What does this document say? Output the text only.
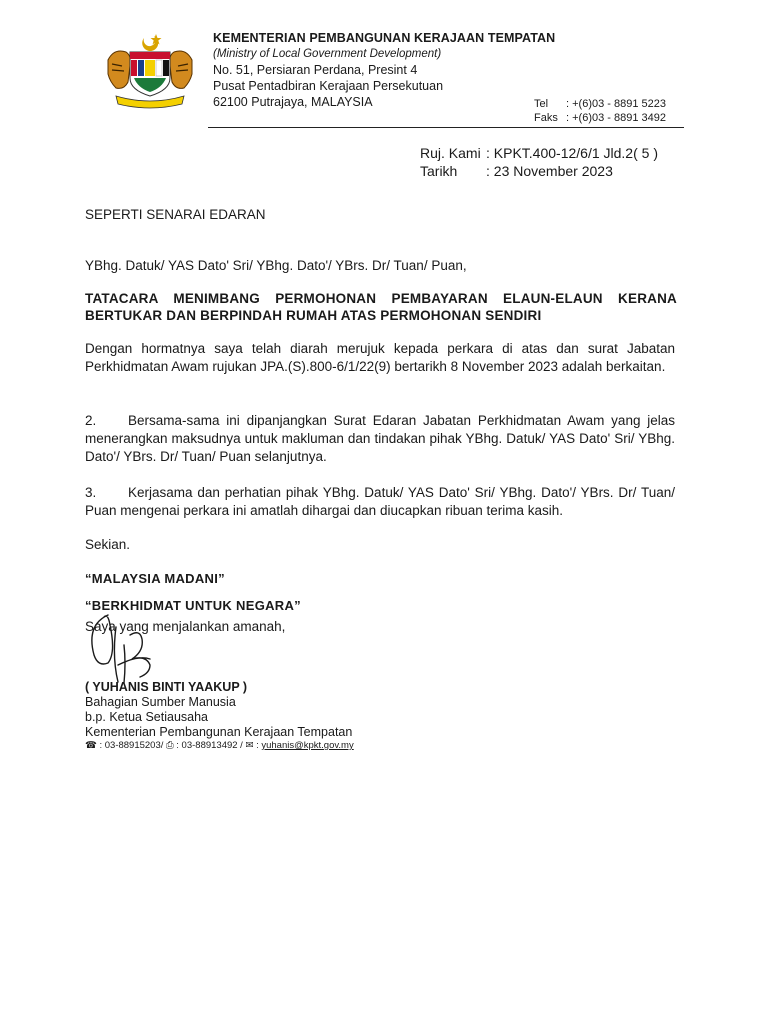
KEMENTERIAN PEMBANGUNAN KERAJAAN TEMPATAN
(Ministry of Local Government Development)
No. 51, Persiaran Perdana, Presint 4
Pusat Pentadbiran Kerajaan Persekutuan
62100 Putrajaya, MALAYSIA	Tel : +(6)03 - 8891 5223
Faks : +(6)03 - 8891 3492
Ruj. Kami : KPKT.400-12/6/1 Jld.2( 5 )
Tarikh : 23 November 2023
SEPERTI SENARAI EDARAN
YBhg. Datuk/ YAS Dato' Sri/ YBhg. Dato'/ YBrs. Dr/ Tuan/ Puan,
TATACARA MENIMBANG PERMOHONAN PEMBAYARAN ELAUN-ELAUN KERANA BERTUKAR DAN BERPINDAH RUMAH ATAS PERMOHONAN SENDIRI
Dengan hormatnya saya telah diarah merujuk kepada perkara di atas dan surat Jabatan Perkhidmatan Awam rujukan JPA.(S).800-6/1/22(9) bertarikh 8 November 2023 adalah berkaitan.
2. Bersama-sama ini dipanjangkan Surat Edaran Jabatan Perkhidmatan Awam yang jelas menerangkan maksudnya untuk makluman dan tindakan pihak YBhg. Datuk/ YAS Dato' Sri/ YBhg. Dato'/ YBrs. Dr/ Tuan/ Puan selanjutnya.
3. Kerjasama dan perhatian pihak YBhg. Datuk/ YAS Dato' Sri/ YBhg. Dato'/ YBrs. Dr/ Tuan/ Puan mengenai perkara ini amatlah dihargai dan diucapkan ribuan terima kasih.
Sekian.
“MALAYSIA MADANI”
“BERKHIDMAT UNTUK NEGARA”
Saya yang menjalankan amanah,
( YUHANIS BINTI YAAKUP )
Bahagian Sumber Manusia
b.p. Ketua Setiausaha
Kementerian Pembangunan Kerajaan Tempatan
☎ : 03-88915203/ ⎙ : 03-88913492 / ✉ : yuhanis@kpkt.gov.my
